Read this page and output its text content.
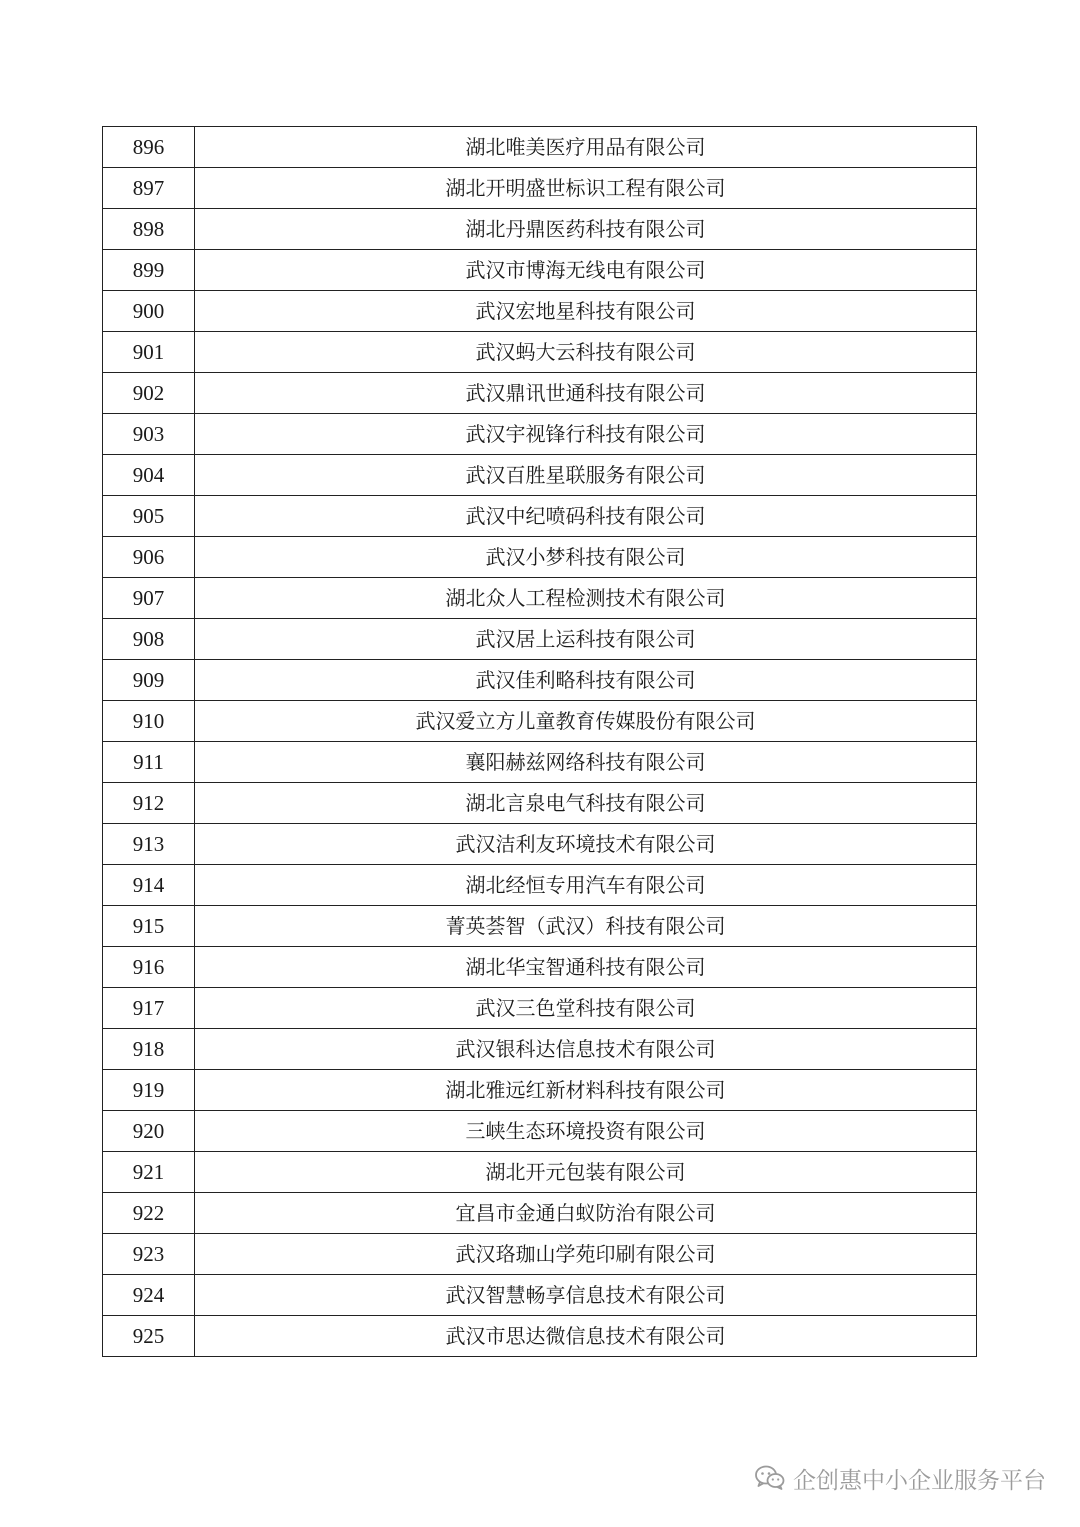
896	湖北唯美医疗用品有限公司
897	湖北开明盛世标识工程有限公司
898	湖北丹鼎医药科技有限公司
899	武汉市博海无线电有限公司
900	武汉宏地星科技有限公司
901	武汉蚂大云科技有限公司
902	武汉鼎讯世通科技有限公司
903	武汉宇视锋行科技有限公司
904	武汉百胜星联服务有限公司
905	武汉中纪喷码科技有限公司
906	武汉小梦科技有限公司
907	湖北众人工程检测技术有限公司
908	武汉居上运科技有限公司
909	武汉佳利略科技有限公司
910	武汉爱立方儿童教育传媒股份有限公司
911	襄阳赫兹网络科技有限公司
912	湖北言泉电气科技有限公司
913	武汉洁利友环境技术有限公司
914	湖北经恒专用汽车有限公司
915	菁英荟智（武汉）科技有限公司
916	湖北华宝智通科技有限公司
917	武汉三色堂科技有限公司
918	武汉银科达信息技术有限公司
919	湖北雅远红新材料科技有限公司
920	三峡生态环境投资有限公司
921	湖北开元包装有限公司
922	宜昌市金通白蚁防治有限公司
923	武汉珞珈山学苑印刷有限公司
924	武汉智慧畅享信息技术有限公司
925	武汉市思达微信息技术有限公司
企创惠中小企业服务平台
